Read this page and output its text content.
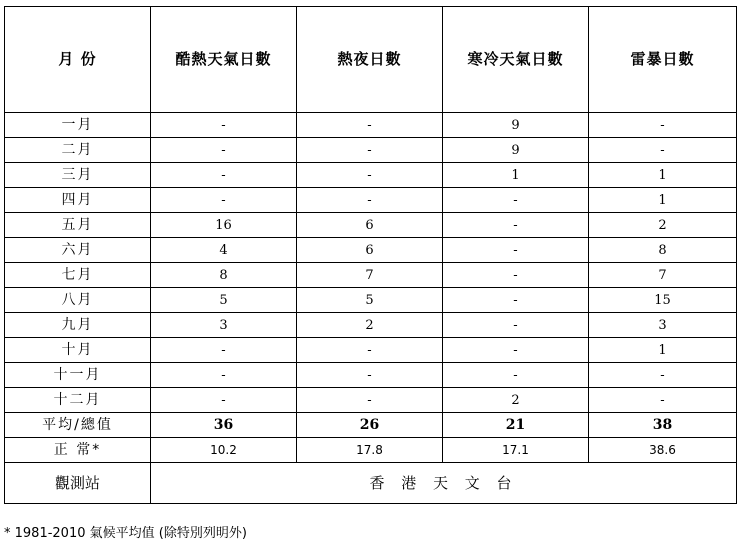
月 份	酷熱天氣日數	熱夜日數	寒冷天氣日數	雷暴日數
一月	-	-	9	-
二月	-	-	9	-
三月	-	-	1	1
四月	-	-	-	1
五月	16	6	-	2
六月	4	6	-	8
七月	8	7	-	7
八月	5	5	-	15
九月	3	2	-	3
十月	-	-	-	1
十一月	-	-	-	-
十二月	-	-	2	-
平均/總值	36	26	21	38
正 常*	10.2	17.8	17.1	38.6
觀測站	香 港 天 文 台			
* 1981-2010 氣候平均值 (除特別列明外)
